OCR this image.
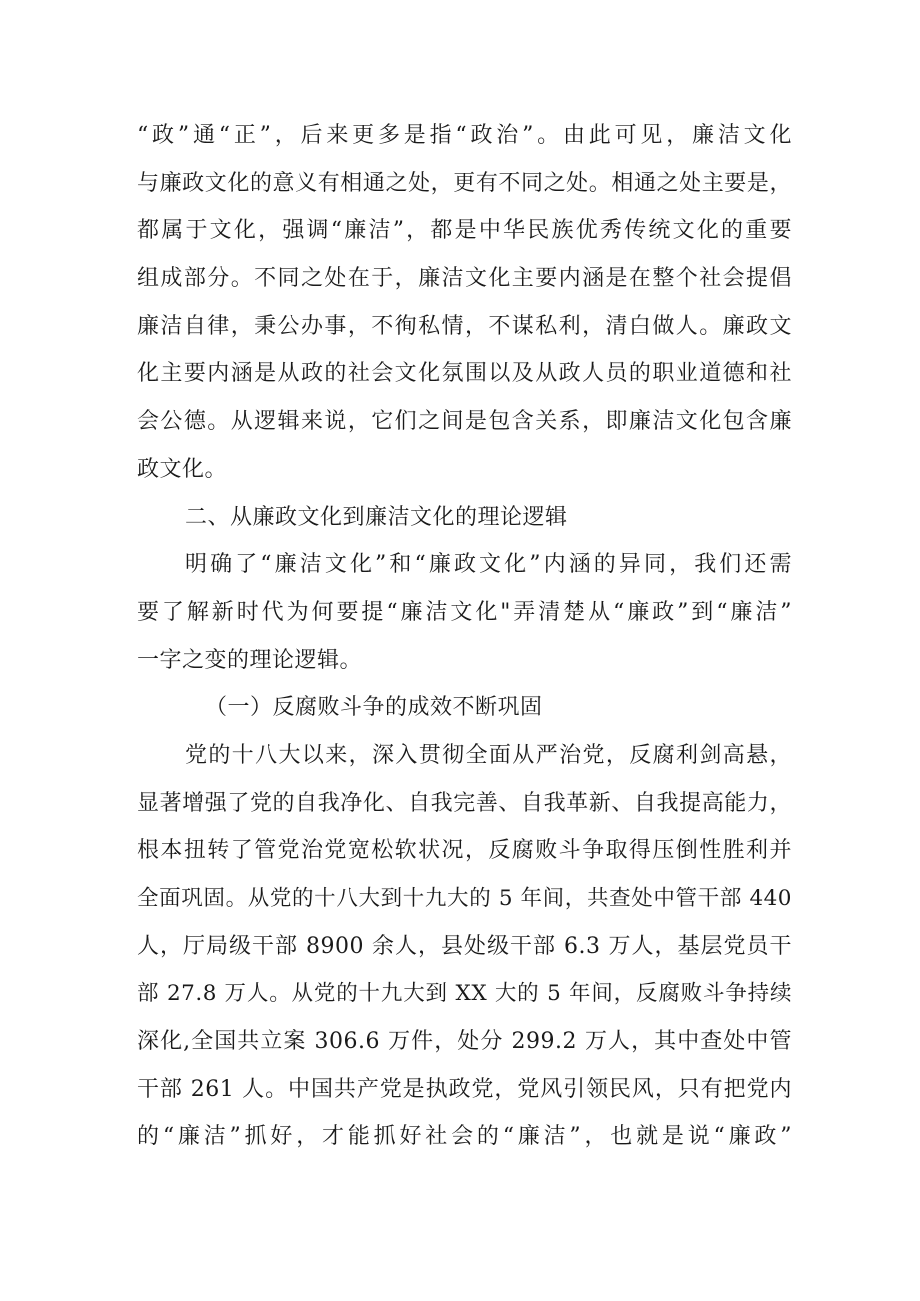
“政”通“正”，后来更多是指“政治”。由此可见，廉洁文化
与廉政文化的意义有相通之处，更有不同之处。相通之处主要是，
都属于文化，强调“廉洁”，都是中华民族优秀传统文化的重要
组成部分。不同之处在于，廉洁文化主要内涵是在整个社会提倡
廉洁自律，秉公办事，不徇私情，不谋私利，清白做人。廉政文
化主要内涵是从政的社会文化氛围以及从政人员的职业道德和社
会公德。从逻辑来说，它们之间是包含关系，即廉洁文化包含廉
政文化。
二、从廉政文化到廉洁文化的理论逻辑
明确了“廉洁文化”和“廉政文化”内涵的异同，我们还需
要了解新时代为何要提“廉洁文化"弄清楚从“廉政”到“廉洁”
一字之变的理论逻辑。
（一）反腐败斗争的成效不断巩固
党的十八大以来，深入贯彻全面从严治党，反腐利剑高悬，
显著增强了党的自我净化、自我完善、自我革新、自我提高能力，
根本扭转了管党治党宽松软状况，反腐败斗争取得压倒性胜利并
全面巩固。从党的十八大到十九大的 5 年间，共查处中管干部 440
人，厅局级干部 8900 余人，县处级干部 6.3 万人，基层党员干
部 27.8 万人。从党的十九大到 XX 大的 5 年间，反腐败斗争持续
深化,全国共立案 306.6 万件，处分 299.2 万人，其中查处中管
干部 261 人。中国共产党是执政党，党风引领民风，只有把党内
的“廉洁”抓好，才能抓好社会的“廉洁”，也就是说“廉政”
